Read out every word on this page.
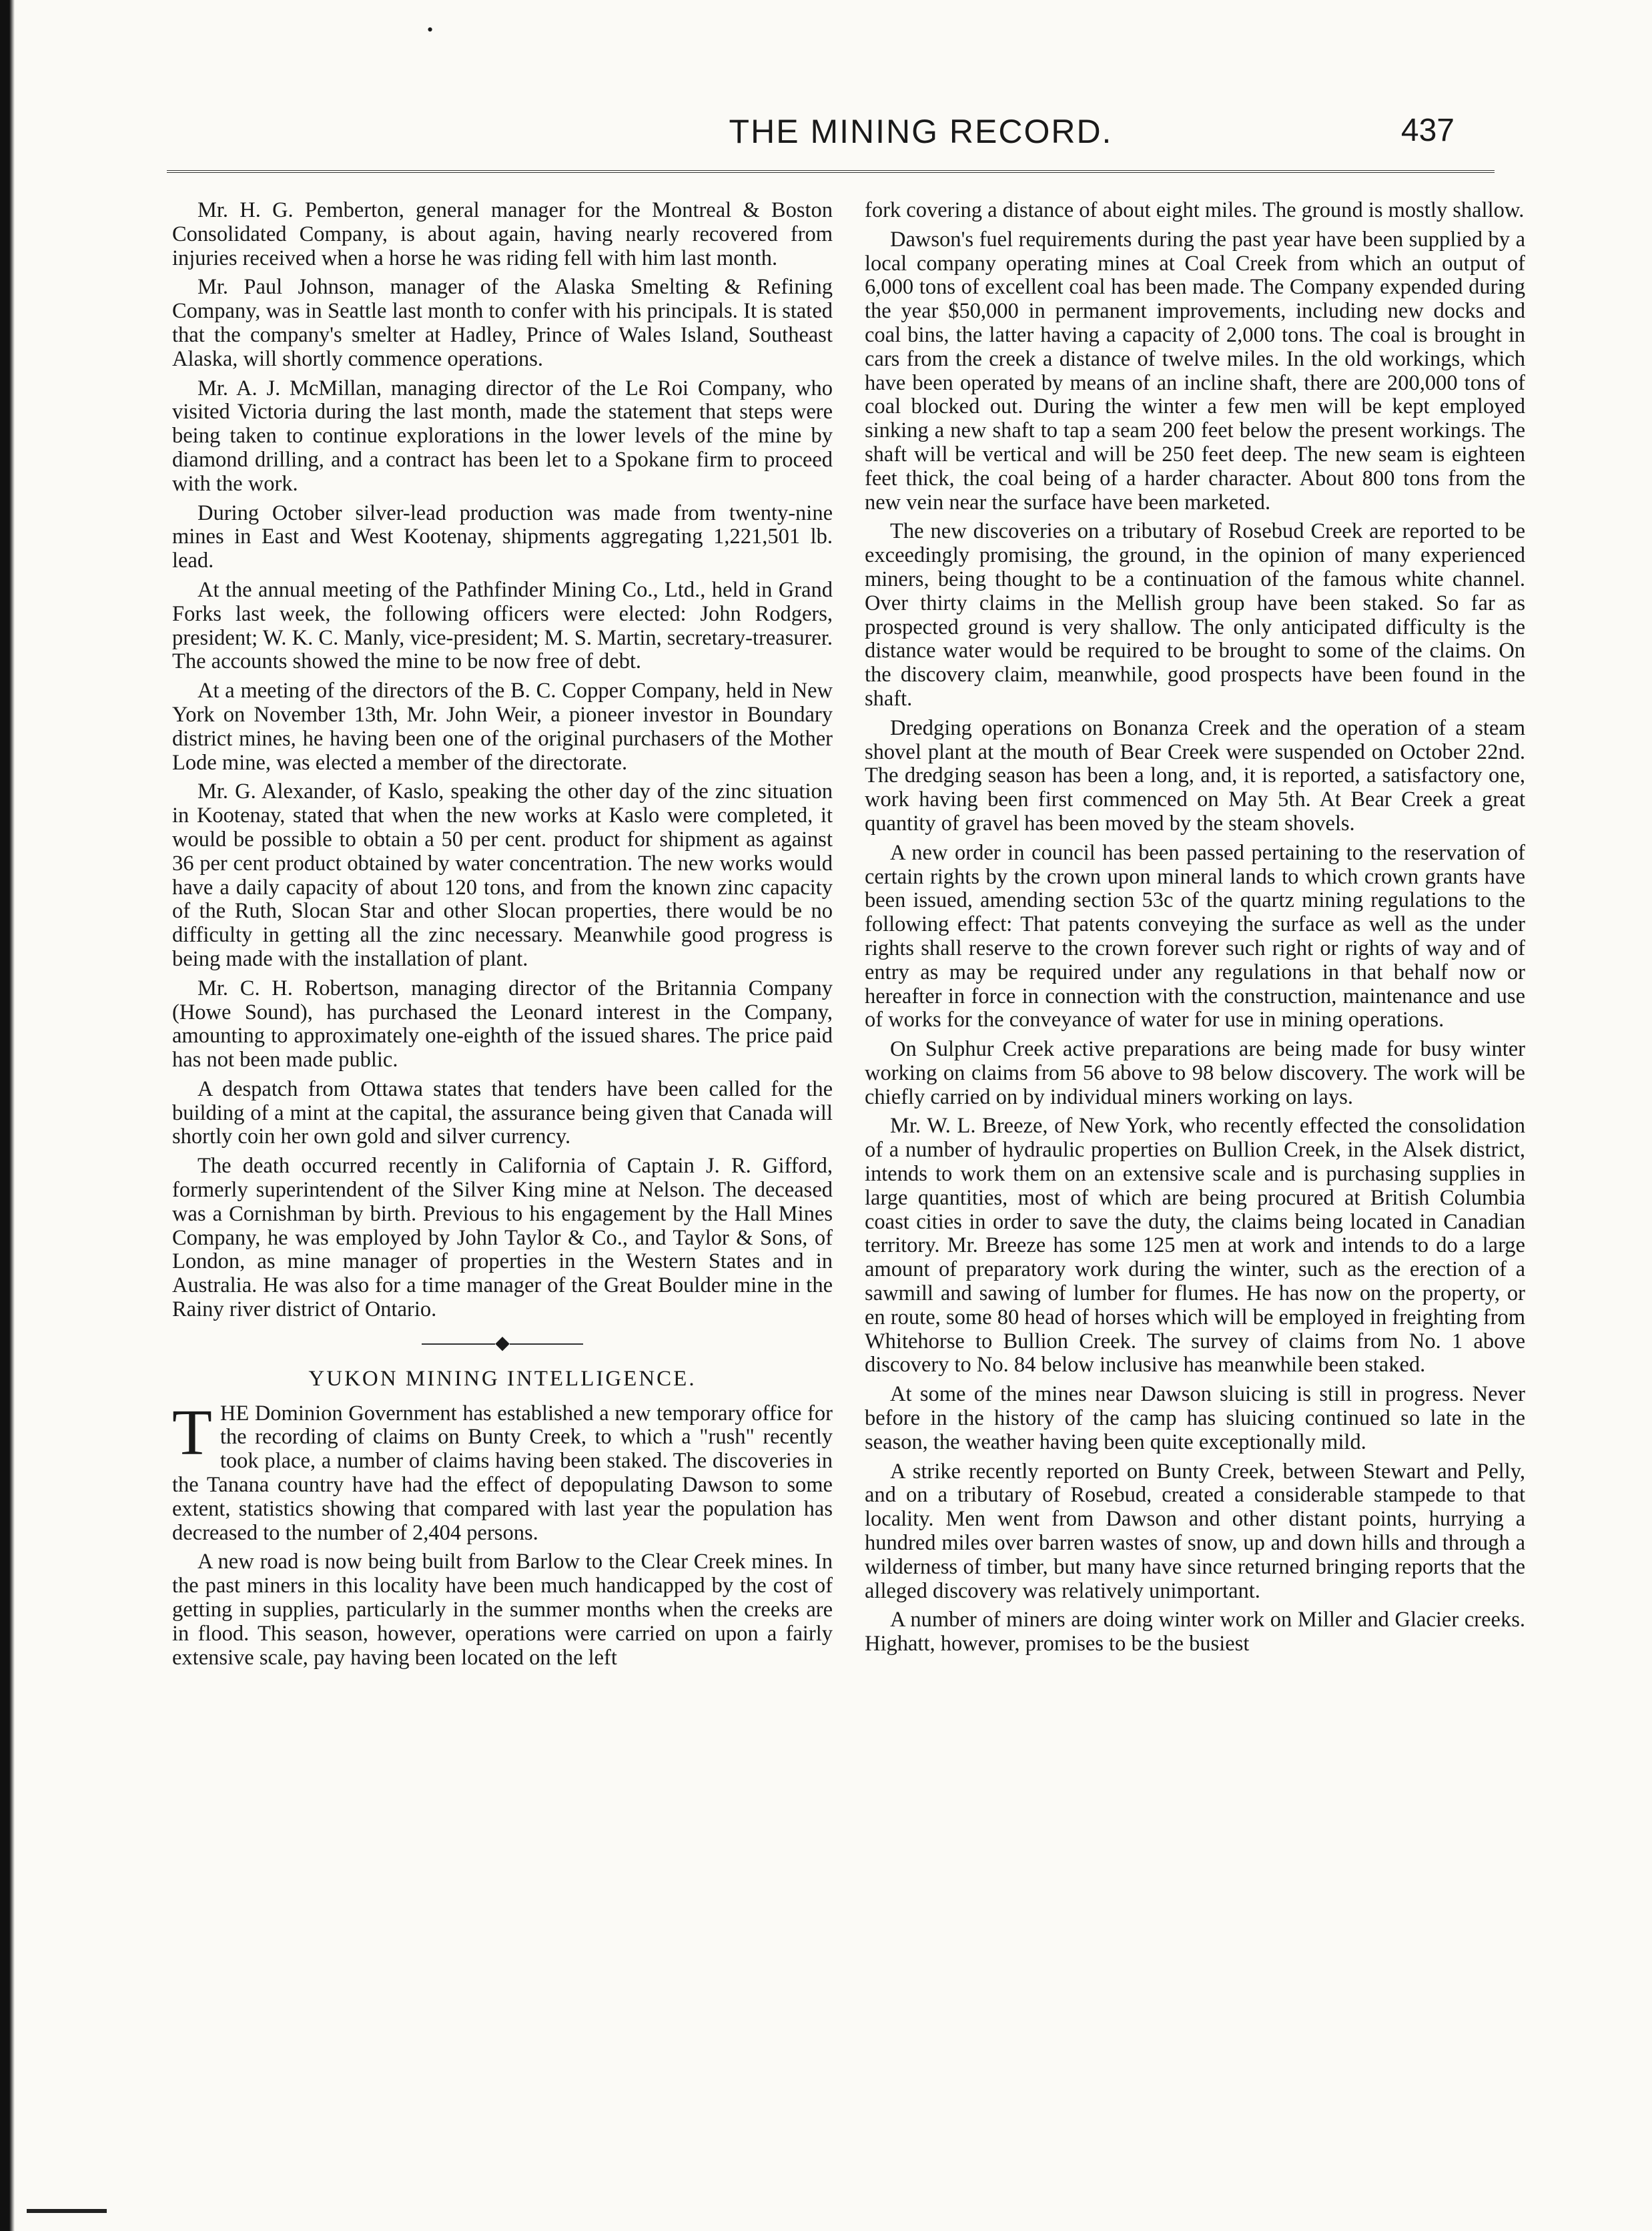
•
THE MINING RECORD.	437

Mr. H. G. Pemberton, general manager for the Montreal & Boston Consolidated Company, is about again, having nearly recovered from injuries received when a horse he was riding fell with him last month.

Mr. Paul Johnson, manager of the Alaska Smelting & Refining Company, was in Seattle last month to confer with his principals. It is stated that the company's smelter at Hadley, Prince of Wales Island, Southeast Alaska, will shortly commence operations.

Mr. A. J. McMillan, managing director of the Le Roi Company, who visited Victoria during the last month, made the statement that steps were being taken to continue explorations in the lower levels of the mine by diamond drilling, and a contract has been let to a Spokane firm to proceed with the work.

During October silver-lead production was made from twenty-nine mines in East and West Kootenay, shipments aggregating 1,221,501 lb. lead.

At the annual meeting of the Pathfinder Mining Co., Ltd., held in Grand Forks last week, the following officers were elected: John Rodgers, president; W. K. C. Manly, vice-president; M. S. Martin, secretary-treasurer. The accounts showed the mine to be now free of debt.

At a meeting of the directors of the B. C. Copper Company, held in New York on November 13th, Mr. John Weir, a pioneer investor in Boundary district mines, he having been one of the original purchasers of the Mother Lode mine, was elected a member of the directorate.

Mr. G. Alexander, of Kaslo, speaking the other day of the zinc situation in Kootenay, stated that when the new works at Kaslo were completed, it would be possible to obtain a 50 per cent. product for shipment as against 36 per cent product obtained by water concentration. The new works would have a daily capacity of about 120 tons, and from the known zinc capacity of the Ruth, Slocan Star and other Slocan properties, there would be no difficulty in getting all the zinc necessary. Meanwhile good progress is being made with the installation of plant.

Mr. C. H. Robertson, managing director of the Britannia Company (Howe Sound), has purchased the Leonard interest in the Company, amounting to approximately one-eighth of the issued shares. The price paid has not been made public.

A despatch from Ottawa states that tenders have been called for the building of a mint at the capital, the assurance being given that Canada will shortly coin her own gold and silver currency.

The death occurred recently in California of Captain J. R. Gifford, formerly superintendent of the Silver King mine at Nelson. The deceased was a Cornishman by birth. Previous to his engagement by the Hall Mines Company, he was employed by John Taylor & Co., and Taylor & Sons, of London, as mine manager of properties in the Western States and in Australia. He was also for a time manager of the Great Boulder mine in the Rainy river district of Ontario.

◆
YUKON MINING INTELLIGENCE.

THE Dominion Government has established a new temporary office for the recording of claims on Bunty Creek, to which a "rush" recently took place, a number of claims having been staked. The discoveries in the Tanana country have had the effect of depopulating Dawson to some extent, statistics showing that compared with last year the population has decreased to the number of 2,404 persons.

A new road is now being built from Barlow to the Clear Creek mines. In the past miners in this locality have been much handicapped by the cost of getting in supplies, particularly in the summer months when the creeks are in flood. This season, however, operations were carried on upon a fairly extensive scale, pay having been located on the left

fork covering a distance of about eight miles. The ground is mostly shallow.

Dawson's fuel requirements during the past year have been supplied by a local company operating mines at Coal Creek from which an output of 6,000 tons of excellent coal has been made. The Company expended during the year $50,000 in permanent improvements, including new docks and coal bins, the latter having a capacity of 2,000 tons. The coal is brought in cars from the creek a distance of twelve miles. In the old workings, which have been operated by means of an incline shaft, there are 200,000 tons of coal blocked out. During the winter a few men will be kept employed sinking a new shaft to tap a seam 200 feet below the present workings. The shaft will be vertical and will be 250 feet deep. The new seam is eighteen feet thick, the coal being of a harder character. About 800 tons from the new vein near the surface have been marketed.

The new discoveries on a tributary of Rosebud Creek are reported to be exceedingly promising, the ground, in the opinion of many experienced miners, being thought to be a continuation of the famous white channel. Over thirty claims in the Mellish group have been staked. So far as prospected ground is very shallow. The only anticipated difficulty is the distance water would be required to be brought to some of the claims. On the discovery claim, meanwhile, good prospects have been found in the shaft.

Dredging operations on Bonanza Creek and the operation of a steam shovel plant at the mouth of Bear Creek were suspended on October 22nd. The dredging season has been a long, and, it is reported, a satisfactory one, work having been first commenced on May 5th. At Bear Creek a great quantity of gravel has been moved by the steam shovels.

A new order in council has been passed pertaining to the reservation of certain rights by the crown upon mineral lands to which crown grants have been issued, amending section 53c of the quartz mining regulations to the following effect: That patents conveying the surface as well as the under rights shall reserve to the crown forever such right or rights of way and of entry as may be required under any regulations in that behalf now or hereafter in force in connection with the construction, maintenance and use of works for the conveyance of water for use in mining operations.

On Sulphur Creek active preparations are being made for busy winter working on claims from 56 above to 98 below discovery. The work will be chiefly carried on by individual miners working on lays.

Mr. W. L. Breeze, of New York, who recently effected the consolidation of a number of hydraulic properties on Bullion Creek, in the Alsek district, intends to work them on an extensive scale and is purchasing supplies in large quantities, most of which are being procured at British Columbia coast cities in order to save the duty, the claims being located in Canadian territory. Mr. Breeze has some 125 men at work and intends to do a large amount of preparatory work during the winter, such as the erection of a sawmill and sawing of lumber for flumes. He has now on the property, or en route, some 80 head of horses which will be employed in freighting from Whitehorse to Bullion Creek. The survey of claims from No. 1 above discovery to No. 84 below inclusive has meanwhile been staked.

At some of the mines near Dawson sluicing is still in progress. Never before in the history of the camp has sluicing continued so late in the season, the weather having been quite exceptionally mild.

A strike recently reported on Bunty Creek, between Stewart and Pelly, and on a tributary of Rosebud, created a considerable stampede to that locality. Men went from Dawson and other distant points, hurrying a hundred miles over barren wastes of snow, up and down hills and through a wilderness of timber, but many have since returned bringing reports that the alleged discovery was relatively unimportant.

A number of miners are doing winter work on Miller and Glacier creeks. Highatt, however, promises to be the busiest
